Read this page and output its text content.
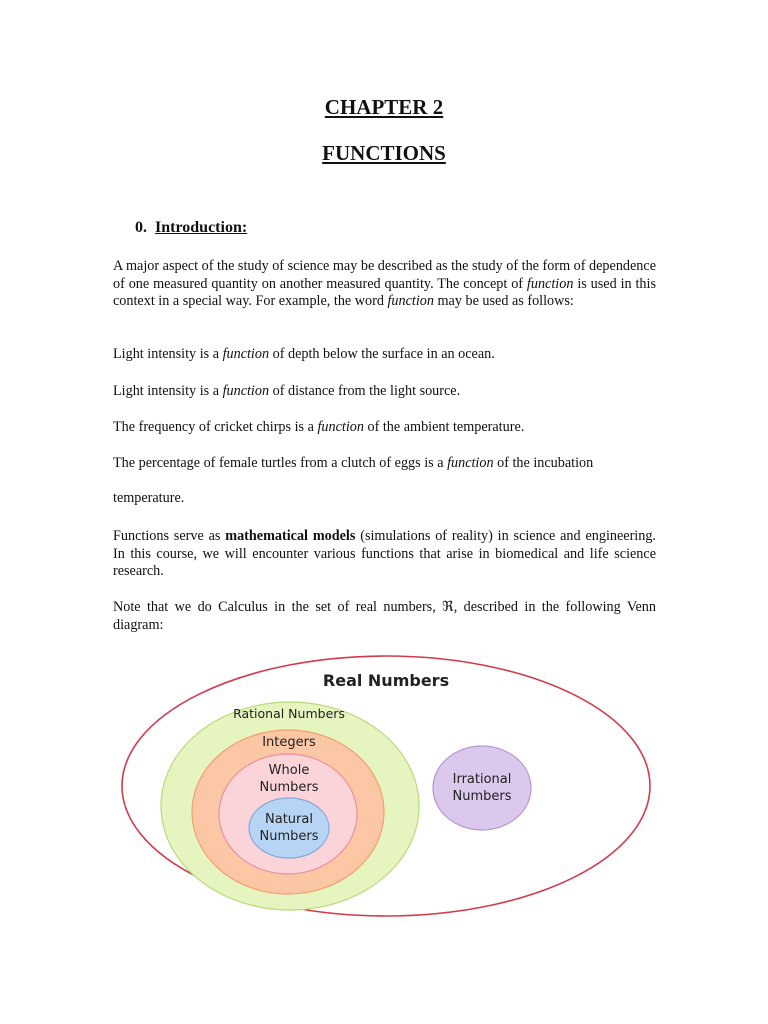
CHAPTER 2
FUNCTIONS
0. Introduction:
A major aspect of the study of science may be described as the study of the form of dependence of one measured quantity on another measured quantity. The concept of function is used in this context in a special way. For example, the word function may be used as follows:
Light intensity is a function of depth below the surface in an ocean.
Light intensity is a function of distance from the light source.
The frequency of cricket chirps is a function of the ambient temperature.
The percentage of female turtles from a clutch of eggs is a function of the incubation
temperature.
Functions serve as mathematical models (simulations of reality) in science and engineering. In this course, we will encounter various functions that arise in biomedical and life science research.
Note that we do Calculus in the set of real numbers, ℜ, described in the following Venn diagram:
Real Numbers
Rational Numbers
Integers
Whole
Numbers
Natural
Numbers
Irrational
Numbers
